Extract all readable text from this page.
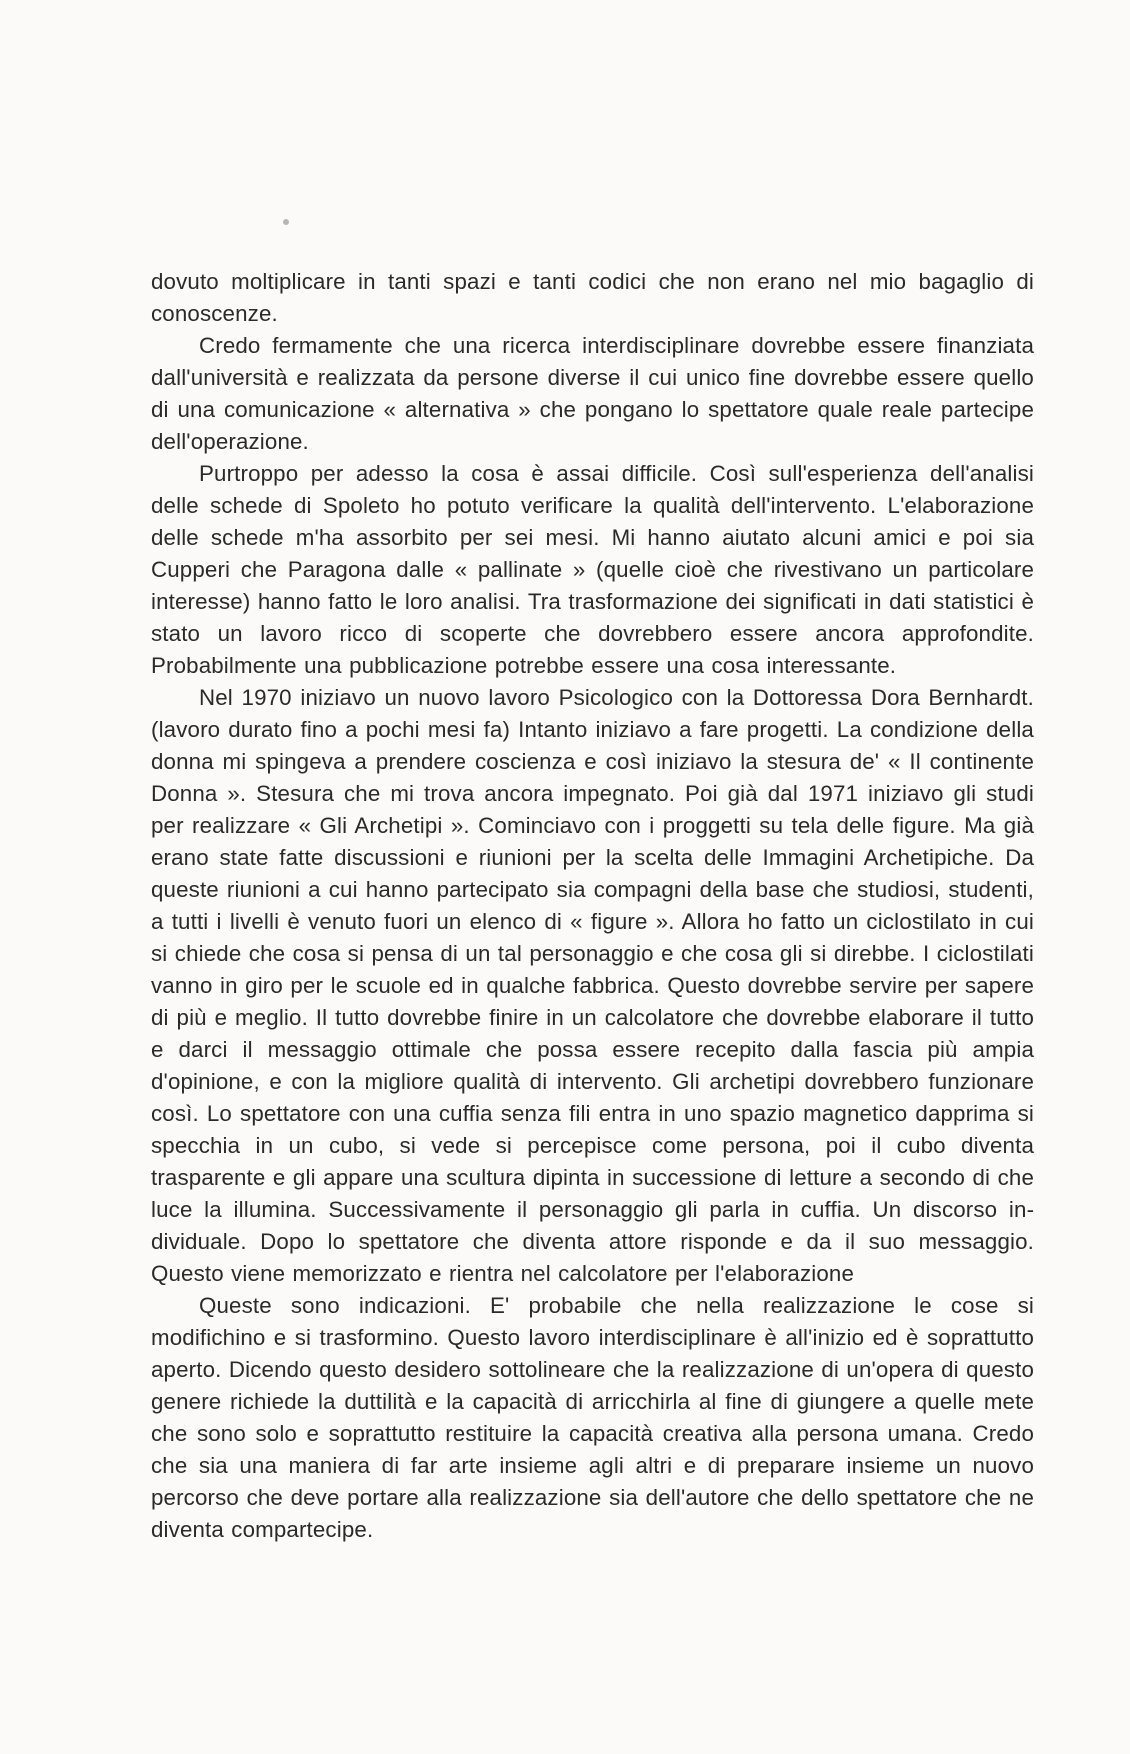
dovuto moltiplicare in tanti spazi e tanti codici che non erano nel mio bagaglio di conoscenze.

Credo fermamente che una ricerca interdisciplinare dovrebbe essere finanziata dall'università e realizzata da persone diverse il cui unico fine dovrebbe essere quello di una comunicazione « alternativa » che pongano lo spettatore quale reale partecipe dell'operazione.

Purtroppo per adesso la cosa è assai difficile. Così sull'esperienza dell'analisi delle schede di Spoleto ho potuto verificare la qualità dell'intervento. L'elaborazione delle schede m'ha assorbito per sei mesi. Mi hanno aiutato alcuni amici e poi sia Cupperi che Paragona dalle « pallinate » (quelle cioè che rivestivano un particolare interesse) hanno fatto le loro analisi. Tra trasformazione dei significati in dati statistici è stato un lavoro ricco di scoperte che dovrebbero essere ancora approfondite. Probabilmente una pubblicazione potrebbe essere una cosa interessante.

Nel 1970 iniziavo un nuovo lavoro Psicologico con la Dottoressa Dora Bernhardt. (lavoro durato fino a pochi mesi fa) Intanto iniziavo a fare progetti. La condizione della donna mi spingeva a prendere coscienza e così iniziavo la stesura de' « Il continente Donna ». Stesura che mi trova ancora impegnato. Poi già dal 1971 iniziavo gli studi per realizzare « Gli Archetipi ». Cominciavo con i proggetti su tela delle figure. Ma già erano state fatte discussioni e riunioni per la scelta delle Immagini Archetipiche. Da queste riunioni a cui hanno partecipato sia compagni della base che studiosi, studenti, a tutti i livelli è venuto fuori un elenco di « figure ». Allora ho fatto un ciclostilato in cui si chiede che cosa si pensa di un tal personaggio e che cosa gli si direbbe. I ciclostilati vanno in giro per le scuole ed in qualche fabbrica. Questo dovrebbe servire per sapere di più e meglio. Il tutto dovrebbe finire in un calcolatore che dovrebbe elaborare il tutto e darci il messaggio ottimale che possa essere recepito dalla fascia più ampia d'opinione, e con la migliore qualità di intervento. Gli archetipi dovrebbero funzionare così. Lo spettatore con una cuffia senza fili entra in uno spazio magnetico dapprima si specchia in un cubo, si vede si percepisce come persona, poi il cubo diventa trasparente e gli appare una scultura dipinta in successione di letture a secondo di che luce la illumina. Successivamente il personaggio gli parla in cuffia. Un discorso individuale. Dopo lo spettatore che diventa attore risponde e da il suo messaggio. Questo viene memorizzato e rientra nel calcolatore per l'elaborazione

Queste sono indicazioni. E' probabile che nella realizzazione le cose si modifichino e si trasformino. Questo lavoro interdisciplinare è all'inizio ed è soprattutto aperto. Dicendo questo desidero sottolineare che la realizzazione di un'opera di questo genere richiede la duttilità e la capacità di arricchirla al fine di giungere a quelle mete che sono solo e soprattutto restituire la capacità creativa alla persona umana. Credo che sia una maniera di far arte insieme agli altri e di preparare insieme un nuovo percorso che deve portare alla realizzazione sia dell'autore che dello spettatore che ne diventa compartecipe.
